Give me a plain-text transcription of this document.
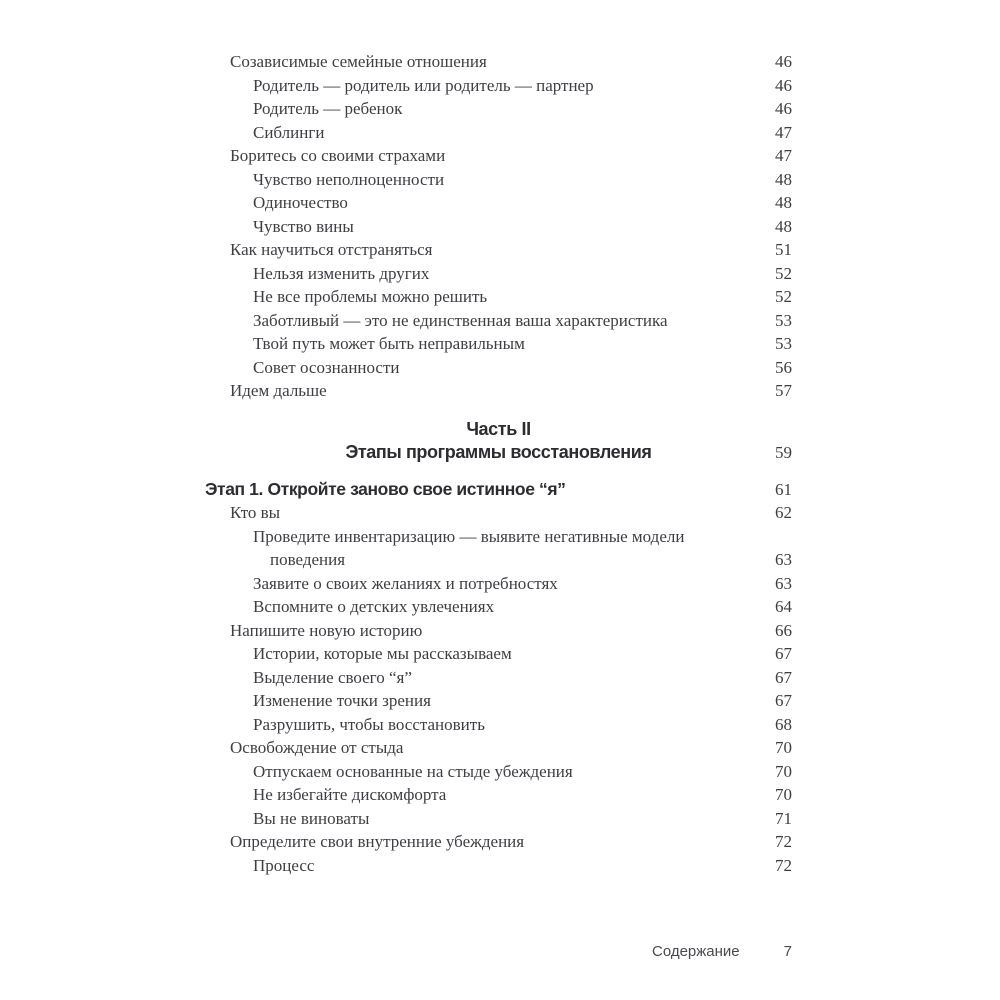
Созависимые семейные отношения	46
Родитель — родитель или родитель — партнер	46
Родитель — ребенок	46
Сиблинги	47
Боритесь со своими страхами	47
Чувство неполноценности	48
Одиночество	48
Чувство вины	48
Как научиться отстраняться	51
Нельзя изменить других	52
Не все проблемы можно решить	52
Заботливый — это не единственная ваша характеристика	53
Твой путь может быть неправильным	53
Совет осознанности	56
Идем дальше	57
Часть II
Этапы программы восстановления	59
Этап 1. Откройте заново свое истинное “я”	61
Кто вы	62
Проведите инвентаризацию — выявите негативные модели
поведения	63
Заявите о своих желаниях и потребностях	63
Вспомните о детских увлечениях	64
Напишите новую историю	66
Истории, которые мы рассказываем	67
Выделение своего “я”	67
Изменение точки зрения	67
Разрушить, чтобы восстановить	68
Освобождение от стыда	70
Отпускаем основанные на стыде убеждения	70
Не избегайте дискомфорта	70
Вы не виноваты	71
Определите свои внутренние убеждения	72
Процесс	72
Содержание	7
